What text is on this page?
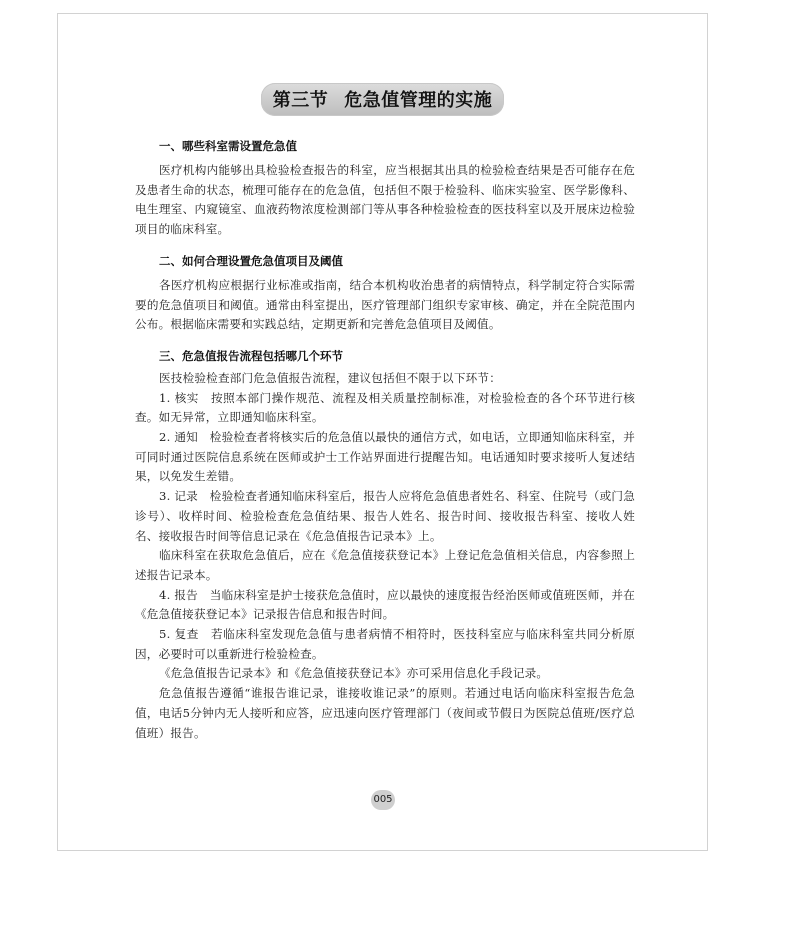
第三节 危急值管理的实施
一、哪些科室需设置危急值

医疗机构内能够出具检验检查报告的科室，应当根据其出具的检验检查结果是否可能存在危及患者生命的状态，梳理可能存在的危急值，包括但不限于检验科、临床实验室、医学影像科、电生理室、内窥镜室、血液药物浓度检测部门等从事各种检验检查的医技科室以及开展床边检验项目的临床科室。

二、如何合理设置危急值项目及阈值

各医疗机构应根据行业标准或指南，结合本机构收治患者的病情特点，科学制定符合实际需要的危急值项目和阈值。通常由科室提出，医疗管理部门组织专家审核、确定，并在全院范围内公布。根据临床需要和实践总结，定期更新和完善危急值项目及阈值。

三、危急值报告流程包括哪几个环节

医技检验检查部门危急值报告流程，建议包括但不限于以下环节：

1. 核实　按照本部门操作规范、流程及相关质量控制标准，对检验检查的各个环节进行核查。如无异常，立即通知临床科室。

2. 通知　检验检查者将核实后的危急值以最快的通信方式，如电话，立即通知临床科室，并可同时通过医院信息系统在医师或护士工作站界面进行提醒告知。电话通知时要求接听人复述结果，以免发生差错。

3. 记录　检验检查者通知临床科室后，报告人应将危急值患者姓名、科室、住院号（或门急诊号）、收样时间、检验检查危急值结果、报告人姓名、报告时间、接收报告科室、接收人姓名、接收报告时间等信息记录在《危急值报告记录本》上。

临床科室在获取危急值后，应在《危急值接获登记本》上登记危急值相关信息，内容参照上述报告记录本。

4. 报告　当临床科室是护士接获危急值时，应以最快的速度报告经治医师或值班医师，并在《危急值接获登记本》记录报告信息和报告时间。

5. 复查　若临床科室发现危急值与患者病情不相符时，医技科室应与临床科室共同分析原因，必要时可以重新进行检验检查。

《危急值报告记录本》和《危急值接获登记本》亦可采用信息化手段记录。

危急值报告遵循“谁报告谁记录，谁接收谁记录”的原则。若通过电话向临床科室报告危急值，电话5分钟内无人接听和应答，应迅速向医疗管理部门（夜间或节假日为医院总值班/医疗总值班）报告。

005
